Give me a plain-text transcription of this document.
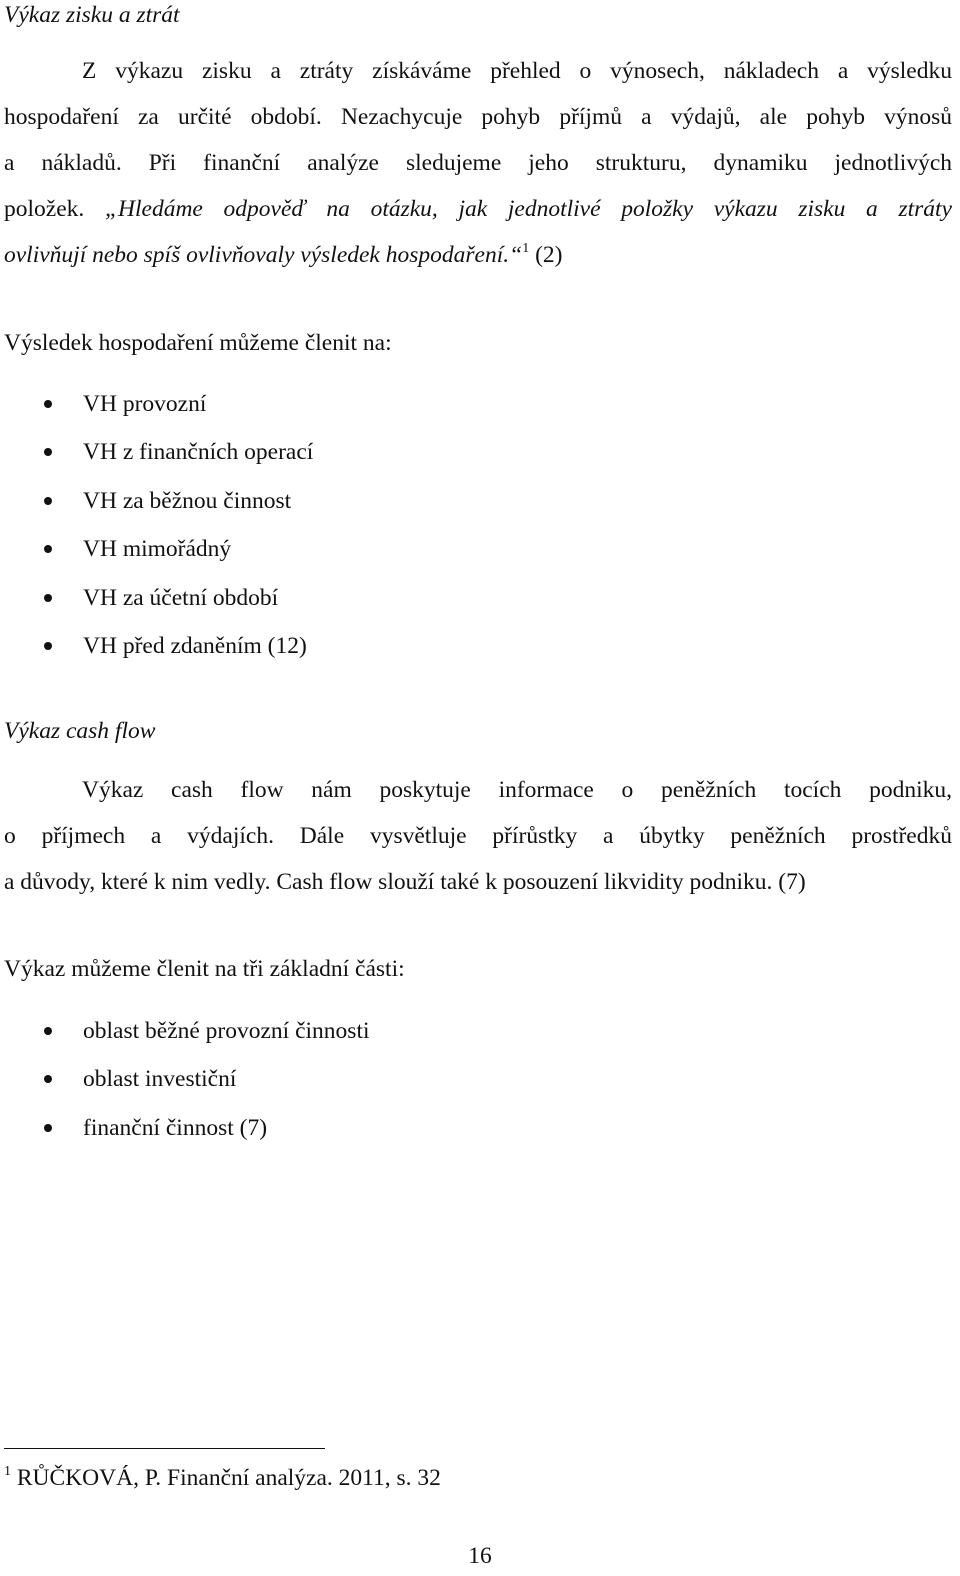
Výkaz zisku a ztrát
Z výkazu zisku a ztráty získáváme přehled o výnosech, nákladech a výsledku
hospodaření za určité období. Nezachycuje pohyb příjmů a výdajů, ale pohyb výnosů
a nákladů. Při finanční analýze sledujeme jeho strukturu, dynamiku jednotlivých
položek. „Hledáme odpověď na otázku, jak jednotlivé položky výkazu zisku a ztráty
ovlivňují nebo spíš ovlivňovaly výsledek hospodaření.“$^1$ (2)

Výsledek hospodaření můžeme členit na:

VH provozní
VH z finančních operací
VH za běžnou činnost
VH mimořádný
VH za účetní období
VH před zdaněním (12)
Výkaz cash flow
Výkaz cash flow nám poskytuje informace o peněžních tocích podniku,
o příjmech a výdajích. Dále vysvětluje přírůstky a úbytky peněžních prostředků
a důvody, které k nim vedly. Cash flow slouží také k posouzení likvidity podniku. (7)

Výkaz můžeme členit na tři základní části:

oblast běžné provozní činnosti
oblast investiční
finanční činnost (7)
$^1$ RŮČKOVÁ, P. Finanční analýza. 2011, s. 32
16
